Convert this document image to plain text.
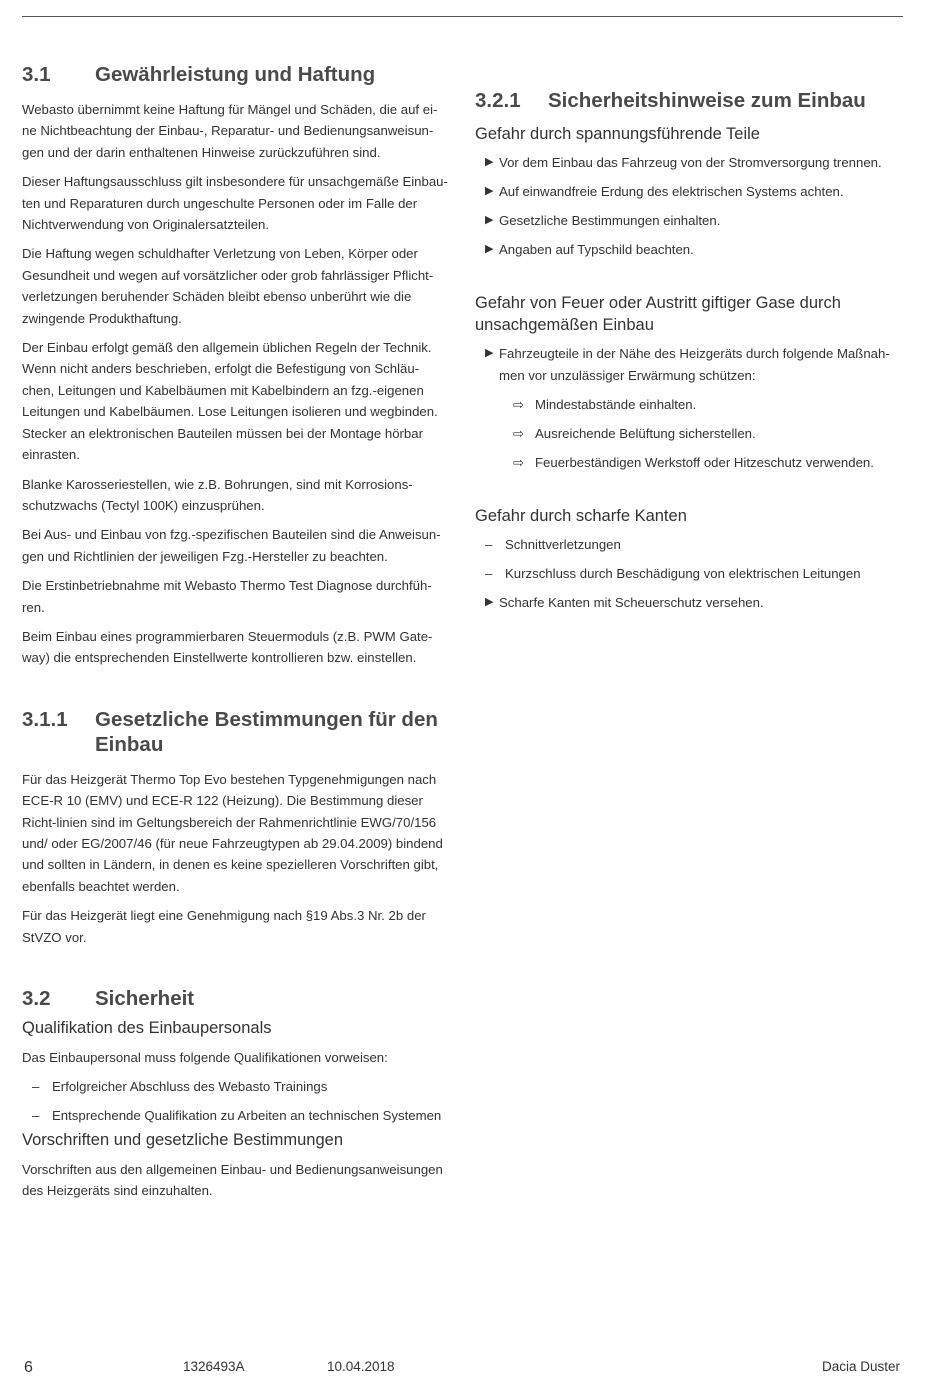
3.1	Gewährleistung und Haftung

Webasto übernimmt keine Haftung für Mängel und Schäden, die auf ei-ne Nichtbeachtung der Einbau-, Reparatur- und Bedienungsanweisun-gen und der darin enthaltenen Hinweise zurückzuführen sind.

Dieser Haftungsausschluss gilt insbesondere für unsachgemäße Einbau-ten und Reparaturen durch ungeschulte Personen oder im Falle der Nichtverwendung von Originalersatzteilen.

Die Haftung wegen schuldhafter Verletzung von Leben, Körper oder Gesundheit und wegen auf vorsätzlicher oder grob fahrlässiger Pflicht-verletzungen beruhender Schäden bleibt ebenso unberührt wie die zwingende Produkthaftung.

Der Einbau erfolgt gemäß den allgemein üblichen Regeln der Technik. Wenn nicht anders beschrieben, erfolgt die Befestigung von Schläu-chen, Leitungen und Kabelbäumen mit Kabelbindern an fzg.-eigenen Leitungen und Kabelbäumen. Lose Leitungen isolieren und wegbinden. Stecker an elektronischen Bauteilen müssen bei der Montage hörbar einrasten.

Blanke Karosseriestellen, wie z.B. Bohrungen, sind mit Korrosions-schutzwachs (Tectyl 100K) einzusprühen.

Bei Aus- und Einbau von fzg.-spezifischen Bauteilen sind die Anweisun-gen und Richtlinien der jeweiligen Fzg.-Hersteller zu beachten.

Die Erstinbetriebnahme mit Webasto Thermo Test Diagnose durchfüh-ren.

Beim Einbau eines programmierbaren Steuermoduls (z.B. PWM Gate-way) die entsprechenden Einstellwerte kontrollieren bzw. einstellen.

3.1.1	Gesetzliche Bestimmungen für den Einbau

Für das Heizgerät Thermo Top Evo bestehen Typgenehmigungen nach ECE-R 10 (EMV) und ECE-R 122 (Heizung). Die Bestimmung dieser Richt-linien sind im Geltungsbereich der Rahmenrichtlinie EWG/70/156 und/ oder EG/2007/46 (für neue Fahrzeugtypen ab 29.04.2009) bindend und sollten in Ländern, in denen es keine spezielleren Vorschriften gibt, ebenfalls beachtet werden.

Für das Heizgerät liegt eine Genehmigung nach §19 Abs.3 Nr. 2b der StVZO vor.

3.2	Sicherheit
Qualifikation des Einbaupersonals

Das Einbaupersonal muss folgende Qualifikationen vorweisen:

– Erfolgreicher Abschluss des Webasto Trainings
– Entsprechende Qualifikation zu Arbeiten an technischen Systemen
Vorschriften und gesetzliche Bestimmungen

Vorschriften aus den allgemeinen Einbau- und Bedienungsanweisungen des Heizgeräts sind einzuhalten.

3.2.1	Sicherheitshinweise zum Einbau
Gefahr durch spannungsführende Teile
▶ Vor dem Einbau das Fahrzeug von der Stromversorgung trennen.
▶ Auf einwandfreie Erdung des elektrischen Systems achten.
▶ Gesetzliche Bestimmungen einhalten.
▶ Angaben auf Typschild beachten.
Gefahr von Feuer oder Austritt giftiger Gase durch unsachgemäßen Einbau
▶ Fahrzeugteile in der Nähe des Heizgeräts durch folgende Maßnah-men vor unzulässiger Erwärmung schützen:
⇨ Mindestabstände einhalten.
⇨ Ausreichende Belüftung sicherstellen.
⇨ Feuerbeständigen Werkstoff oder Hitzeschutz verwenden.
Gefahr durch scharfe Kanten
– Schnittverletzungen
– Kurzschluss durch Beschädigung von elektrischen Leitungen
▶ Scharfe Kanten mit Scheuerschutz versehen.
6	1326493A	10.04.2018	Dacia Duster
